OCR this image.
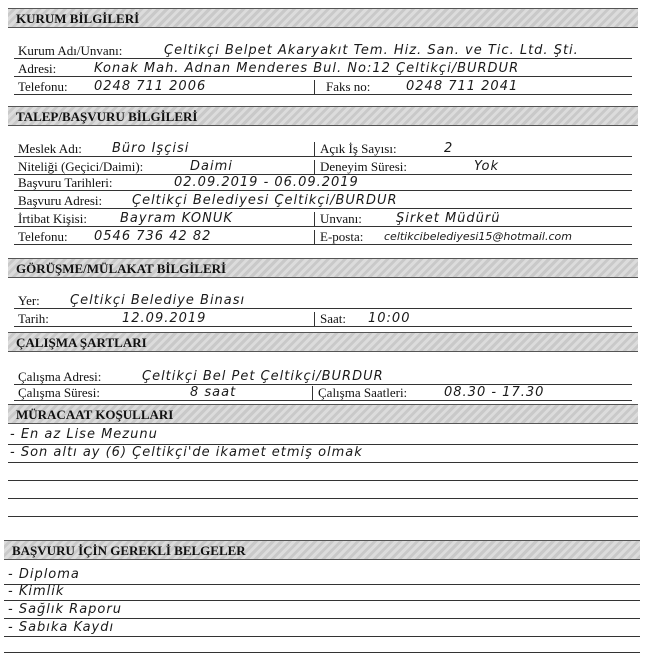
KURUM BİLGİLERİ
Kurum Adı/Unvanı:	Çeltikçi Belpet Akaryakıt Tem. Hiz. San. ve Tic. Ltd. Şti.
Adresi:	Konak Mah. Adnan Menderes Bul. No:12 Çeltikçi/BURDUR
Telefonu: 0248 711 2006	Faks no:	0248 711 2041
TALEP/BAŞVURU BİLGİLERİ
Meslek Adı: Büro İşçisi	Açık İş Sayısı:	2
Niteliği (Geçici/Daimi):	Daimi	Deneyim Süresi:	Yok
Başvuru Tarihleri:	02.09.2019 - 06.09.2019
Başvuru Adresi: Çeltikçi Belediyesi Çeltikçi/BURDUR
İrtibat Kişisi:	Bayram KONUK	Unvanı:	Şirket Müdürü
Telefonu: 0546 736 42 82	E-posta: celtikcibelediyesi15@hotmail.com
GÖRÜŞME/MÜLAKAT BİLGİLERİ
Yer: Çeltikçi Belediye Binası
Tarih:	12.09.2019	Saat: 10:00
ÇALIŞMA ŞARTLARI
Çalışma Adresi:	Çeltikçi Bel Pet Çeltikçi/BURDUR
Çalışma Süresi:	8 saat	Çalışma Saatleri:	08.30 - 17.30
MÜRACAAT KOŞULLARI
- En az Lise Mezunu
- Son altı ay (6) Çeltikçi'de ikamet etmiş olmak
BAŞVURU İÇİN GEREKLİ BELGELER
- Diploma
- Kimlik
- Sağlık Raporu
- Sabıka Kaydı
